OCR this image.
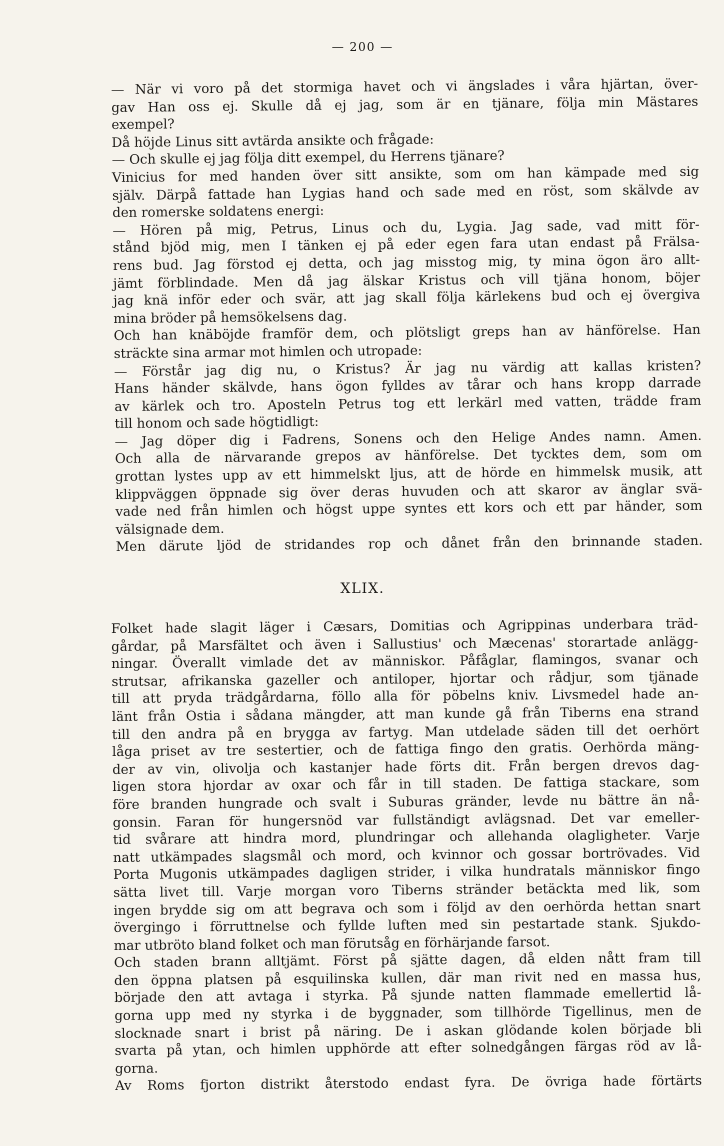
— 200 —
— När vi voro på det stormiga havet och vi ängslades i våra hjärtan, över-
gav Han oss ej. Skulle då ej jag, som är en tjänare, följa min Mästares
exempel?
Då höjde Linus sitt avtärda ansikte och frågade:
— Och skulle ej jag följa ditt exempel, du Herrens tjänare?
Vinicius for med handen över sitt ansikte, som om han kämpade med sig
själv. Därpå fattade han Lygias hand och sade med en röst, som skälvde av
den romerske soldatens energi:
— Hören på mig, Petrus, Linus och du, Lygia. Jag sade, vad mitt för-
stånd bjöd mig, men I tänken ej på eder egen fara utan endast på Frälsa-
rens bud. Jag förstod ej detta, och jag misstog mig, ty mina ögon äro allt-
jämt förblindade. Men då jag älskar Kristus och vill tjäna honom, böjer
jag knä inför eder och svär, att jag skall följa kärlekens bud och ej övergiva
mina bröder på hemsökelsens dag.
Och han knäböjde framför dem, och plötsligt greps han av hänförelse. Han
sträckte sina armar mot himlen och utropade:
— Förstår jag dig nu, o Kristus? Är jag nu värdig att kallas kristen?
Hans händer skälvde, hans ögon fylldes av tårar och hans kropp darrade
av kärlek och tro. Aposteln Petrus tog ett lerkärl med vatten, trädde fram
till honom och sade högtidligt:
— Jag döper dig i Fadrens, Sonens och den Helige Andes namn. Amen.
Och alla de närvarande grepos av hänförelse. Det tycktes dem, som om
grottan lystes upp av ett himmelskt ljus, att de hörde en himmelsk musik, att
klippväggen öppnade sig över deras huvuden och att skaror av änglar svä-
vade ned från himlen och högst uppe syntes ett kors och ett par händer, som
välsignade dem.
Men därute ljöd de stridandes rop och dånet från den brinnande staden.
XLIX.
Folket hade slagit läger i Cæsars, Domitias och Agrippinas underbara träd-
gårdar, på Marsfältet och även i Sallustius' och Mæcenas' storartade anlägg-
ningar. Överallt vimlade det av människor. Påfåglar, flamingos, svanar och
strutsar, afrikanska gazeller och antiloper, hjortar och rådjur, som tjänade
till att pryda trädgårdarna, föllo alla för pöbelns kniv. Livsmedel hade an-
länt från Ostia i sådana mängder, att man kunde gå från Tiberns ena strand
till den andra på en brygga av fartyg. Man utdelade säden till det oerhört
låga priset av tre sestertier, och de fattiga fingo den gratis. Oerhörda mäng-
der av vin, olivolja och kastanjer hade förts dit. Från bergen drevos dag-
ligen stora hjordar av oxar och får in till staden. De fattiga stackare, som
före branden hungrade och svalt i Suburas gränder, levde nu bättre än nå-
gonsin. Faran för hungersnöd var fullständigt avlägsnad. Det var emeller-
tid svårare att hindra mord, plundringar och allehanda olagligheter. Varje
natt utkämpades slagsmål och mord, och kvinnor och gossar bortrövades. Vid
Porta Mugonis utkämpades dagligen strider, i vilka hundratals människor fingo
sätta livet till. Varje morgan voro Tiberns stränder betäckta med lik, som
ingen brydde sig om att begrava och som i följd av den oerhörda hettan snart
övergingo i förruttnelse och fyllde luften med sin pestartade stank. Sjukdo-
mar utbröto bland folket och man förutsåg en förhärjande farsot.
Och staden brann alltjämt. Först på sjätte dagen, då elden nått fram till
den öppna platsen på esquilinska kullen, där man rivit ned en massa hus,
började den att avtaga i styrka. På sjunde natten flammade emellertid lå-
gorna upp med ny styrka i de byggnader, som tillhörde Tigellinus, men de
slocknade snart i brist på näring. De i askan glödande kolen började bli
svarta på ytan, och himlen upphörde att efter solnedgången färgas röd av lå-
gorna.
Av Roms fjorton distrikt återstodo endast fyra. De övriga hade förtärts
